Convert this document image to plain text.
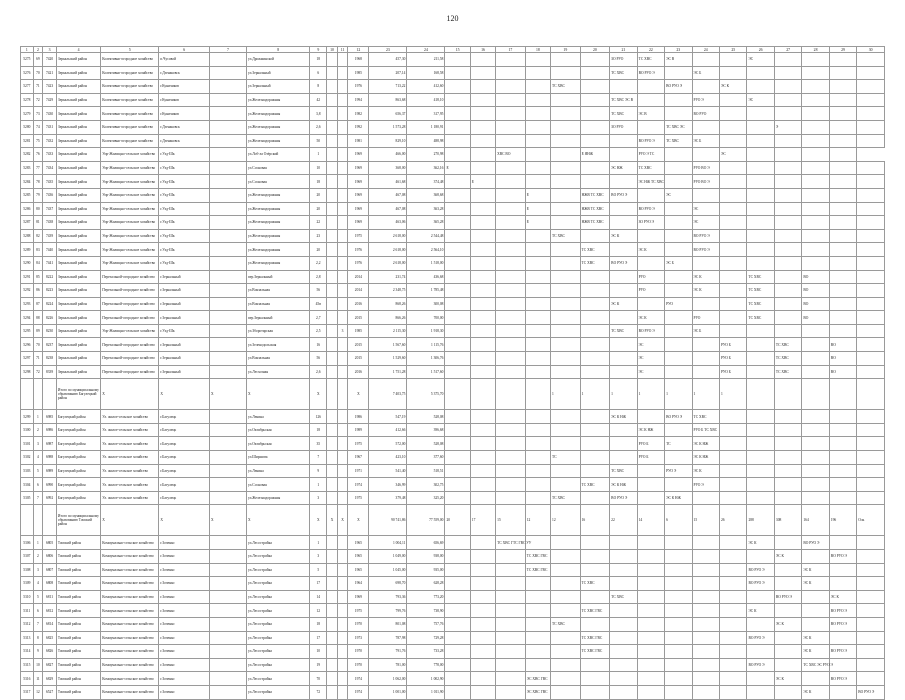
120
1	2	3	4	5	6	7	8	9	10	11	12	23	24	15	16	17	18	19	20	21	22	23	24	25	26	27	28	29	30
5275	69	7420	Зеркальский район	Колективно-огородное хозяйство	п.Чусовой		ул.Дрожжинской	18			1968	457,30	211,58							ЗО РУО	ТС ХВС	ЭС В			ЭС				
5276	70	7421	Зеркальский район	Колективно-огородное хозяйство	г.Дзенаковск		ул.Зеркальный	6			1985	207,14	168,58							ТС ХВС	ВО РУО Э		ЭС Б						
5277	71	7423	Зеркальский район	Колективно-огородное хозяйство	г.Куничиков		ул.Зеркальный	8			1976	713,22	412,60					ТС ХВС				ВО РУО Э		ЭС К					
5278	72	7429	Зеркальский район	Колективно-огородное хозяйство	г.Куничиков		ул.Железнодорожная	42			1994	863,68	418,10							ТС ХВС ЭС В			РУО Э		ЭС				
5279	73	7430	Зеркальский район	Колективно-огородное хозяйство	г.Куничиков		ул.Железнодорожная	3,8			1982	656,37	317,95							ТС ХВС	ЭС В		ВО РУО						
5280	74	7431	Зеркальский район	Колективно-огородное хозяйство	г.Дзенаковск		ул.Железнодорожная	2,6			1992	1 573,28	1 180,91							ЗО РУО		ТС ХВС ЭС				Э			
5281	75	7432	Зеркальский район	Колективно-огородное хозяйство	г.Дзенаковск		ул.Железнодорожная	50			1981	829,10	488,98								ВО РУО Э	ТС ХВС	ЭС Б						
5282	76	7433	Зеркальский район	Упр-Жилищно-сельское хозяйство	г.Ухд-Шк		ул.Лоб-ла Озёрский	1			1969	466,00	270,98			ХВС ВО			Е ЯНЖ		РУО Э ТС			ЭС					
5283	77	7434	Зеркальский район	Упр-Жилищно-сельское хозяйство	г.Ухд-Шк		ул.Сосновая	10			1969	368,00	362,16	Е						ЭС НЖ	ТС ХВС		РУО ВО Э						
5284	78	7435	Зеркальский район	Упр-Жилищно-сельское хозяйство	г.Ухд-Шк		ул.Сосновая	18			1969	461,68	374,48		Е						ЭС НЖ ТС ХВС		РУО ВО Э						
5285	79	7436	Зеркальский район	Упр-Жилищно-сельское хозяйство	г.Ухд-Шк		ул.Железнодорожная	20			1969	467,08	368,68				Е		НЖВ ТС ХВС	ВО РУО Э		ЭС							
5286	80	7437	Зеркальский район	Упр-Жилищно-сельское хозяйство	г.Ухд-Шк		ул.Железнодорожная	20			1969	467,08	363,28				Е		НЖВ ТС ХВС		ВО РУО Э		ЭС						
5287	81	7438	Зеркальский район	Упр-Жилищно-сельское хозяйство	г.Ухд-Шк		ул.Железнодорожная	22			1969	463,06	365,28				Е		НЖВ ТС ХВС		ЗО РУО Э		ЭС						
5288	82	7439	Зеркальский район	Упр-Жилищно-сельское хозяйство	г.Ухд-Шк		ул.Железнодорожная	23			1975	2 618,00	2 544,48					ТС ХВС		ЭС К			ВО РУО Э						
5289	83	7440	Зеркальский район	Упр-Жилищно-сельское хозяйство	г.Ухд-Шк		ул.Железнодорожная	20			1976	2 618,00	2 564,10						ТС ХВС		ЭС К		ВО РУО Э						
5290	84	7441	Зеркальский район	Упр-Жилищно-сельское хозяйство	г.Ухд-Шк		ул.Железнодорожная	2,2			1976	2 618,00	1 518,00						ТС ХВС	ВО РУО Э		ЭС Б							
5291	85	8222	Зеркальский район	Перезальной-огородное хозяйство	г.Зеркальный		пер.Зеркальный	2,8			2014	231,74	436,68								РУО		ЭС К		ТС ХВС		ВО		
5292	86	8223	Зеркальский район	Перезальной-огородное хозяйство	г.Зеркальный		ул.Вокзальная	56			2014	2 348,75	1 785,48								РУО		ЭС К		ТС ХВС		ВО		
5293	87	8224	Зеркальский район	Перезальной-огородное хозяйство	г.Зеркальный		ул.Вокзальная	45в			2016	868,26	300,08							ЭС К		РУО			ТС ХВС		ВО		
5294	88	8226	Зеркальский район	Перезальной-огородное хозяйство	г.Зеркальный		пер.Зеркальный	2,7			2015	866,26	700,00								ЭС К		РУО		ТС ХВС		ВО		
5295	89	8230	Зеркальский район	Упр-Жилищно-сельское хозяйство	г.Ухд-Шк		ул.Зборотарская	2,5		3	1985	2 115,30	1 918,30							ТС ХВС	ВО РУО Э		ЭС Б						
5296	70	8237	Зеркальский район	Перезальной-огородное хозяйство	г.Зеркальный		ул.Зеленодольская	16			2015	1 567,60	1 115,76								ЭС			РУО Б		ТС ХВС		ВО	
5297	71	8238	Зеркальский район	Перезальной-огородное хозяйство	г.Зеркальный		ул.Вокзальная	56			2015	1 529,60	1 306,76								ЭС			РУО Б		ТС ХВС		ВО	
5298	72	8339	Зеркальский район	Перезальной-огородное хозяйство	г.Зеркальный		ул.Лесхозная	2,6			2016	1 751,28	1 517,60								ЭС			РУО Б		ТС ХВС		ВО	
			Итого по муниципальному образованию Багулецкий район	Х	Х	Х	Х	Х			Х	7 403,75	5 375,70					1	1	1	1	1	1	1					
5299	1	6985	Багулецкий район	Ул. жилое-сельское хозяйство	г.Багулецк		ул.Ленина	126			1986	547,19	528,08							ЭС К НЖ		ВО РУО Э	ТС ХВС						
5300	2	6986	Багулецкий район	Ул. жилое-сельское хозяйство	г.Багулецк		ул.Октябрьская	18			1989	412,66	396,68								ЭС К НЖ		РУО Б ТС ХВС						
5301	3	6987	Багулецкий район	Ул. жилое-сельское хозяйство	г.Багулецк		ул.Октябрьская	35			1975	572,00	528,08								РУО Б	ТС	ЭС К НЖ						
5302	4	6988	Багулецкий район	Ул. жилое-сельское хозяйство	г.Багулецк		ул.Ширшова	7			1967	423,10	377,60					ТС			РУО Б		ЭС К НЖ						
5303	5	6989	Багулецкий район	Ул. жилое-сельское хозяйство	г.Багулецк		ул.Ленина	9			1971	541,40	518,51							ТС ХВС		РУО Э	ЭС К						
5304	6	6990	Багулецкий район	Ул. жилое-сельское хозяйство	г.Багулецк		ул.Сосновая	1			1974	346,99	302,75						ТС ХВС	ЭС К НЖ			РУО Э						
5305	7	6992	Багулецкий район	Ул. жилое-сельское хозяйство	г.Багулецк		ул.Железнодорожная	3			1975	379,48	325,20					ТС ХВС		ВО РУО Э		ЭС К НЖ							
			Итого по муниципальному образованию Томский район	Х	Х	Х	Х	Х	Х	Х	Х	90 741,86	77 559,00	20	17	15	12	12	16	22	14	6	15	26	288	308	164	196	Оль
5306	1	6805	Томский район	Коммунально-сельское хозяйство	г.Зоченко		ул.Лесостройка	1			1965	1 004,11	656,69			ТС ХВС ГТС ГВС УУ									ЭС К		ВО РУО Э		
5307	2	6806	Томский район	Коммунально-сельское хозяйство	г.Зоченко		ул.Лесостройка	3			1965	1 049,00	938,00				ТС ХВС ГВС									ЭС К		ВО РУО Э	
5308	3	6807	Томский район	Коммунально-сельское хозяйство	г.Зоченко		ул.Лесостройка	5			1965	1 045,00	935,00				ТС ХВС ГВС								ВО РУО Э		ЭС К		
5309	4	6808	Томский район	Коммунально-сельское хозяйство	г.Зоченко		ул.Лесостройка	17			1964	698,70	628,28						ТС ХВС						ВО РУО Э		ЭС К		
5310	5	6811	Томский район	Коммунально-сельское хозяйство	г.Зоченко		ул.Лесостройка	14			1969	793,36	773,20							ТС ХВС						ВО РУО Э		ЭС К	
5311	6	6812	Томский район	Коммунально-сельское хозяйство	г.Зоченко		ул.Лесостройка	12			1975	799,76	738,90						ТС ХВС ГВС						ЭС К			ВО РУО Э	
5312	7	6814	Томский район	Коммунально-сельское хозяйство	г.Зоченко		ул.Лесостройка	18			1970	801,08	757,76					ТС ХВС								ЭС К		ВО РУО Э	
5313	8	6825	Томский район	Коммунально-сельское хозяйство	г.Зоченко		ул.Лесостройка	17			1973	787,98	729,28						ТС ХВС ГВС						ВО РУО Э		ЭС К		
5314	9	6826	Томский район	Коммунально-сельское хозяйство	г.Зоченко		ул.Лесостройка	10			1970	791,76	733,28						ТС ХВС ГВС								ЭС К	ВО РУО Э	
5315	10	6827	Томский район	Коммунально-сельское хозяйство	г.Зоченко		ул.Лесостройка	19			1970	781,00	778,00												ВО РУО Э		ТС ХВС ЭС РУО Э		
5316	11	6829	Томский район	Коммунально-сельское хозяйство	г.Зоченко		ул.Лесостройка	70			1974	1 062,00	1 002,90				ЭС ХВС ГВС									ЭС К		ВО РУО Э	
5317	12	6527	Томский район	Коммунально-сельское хозяйство	г.Зоченко		ул.Лесостройка	72			1974	1 001,00	1 011,90				ЭС ХВС ГВС										ЭС К		ВО РУО Э
